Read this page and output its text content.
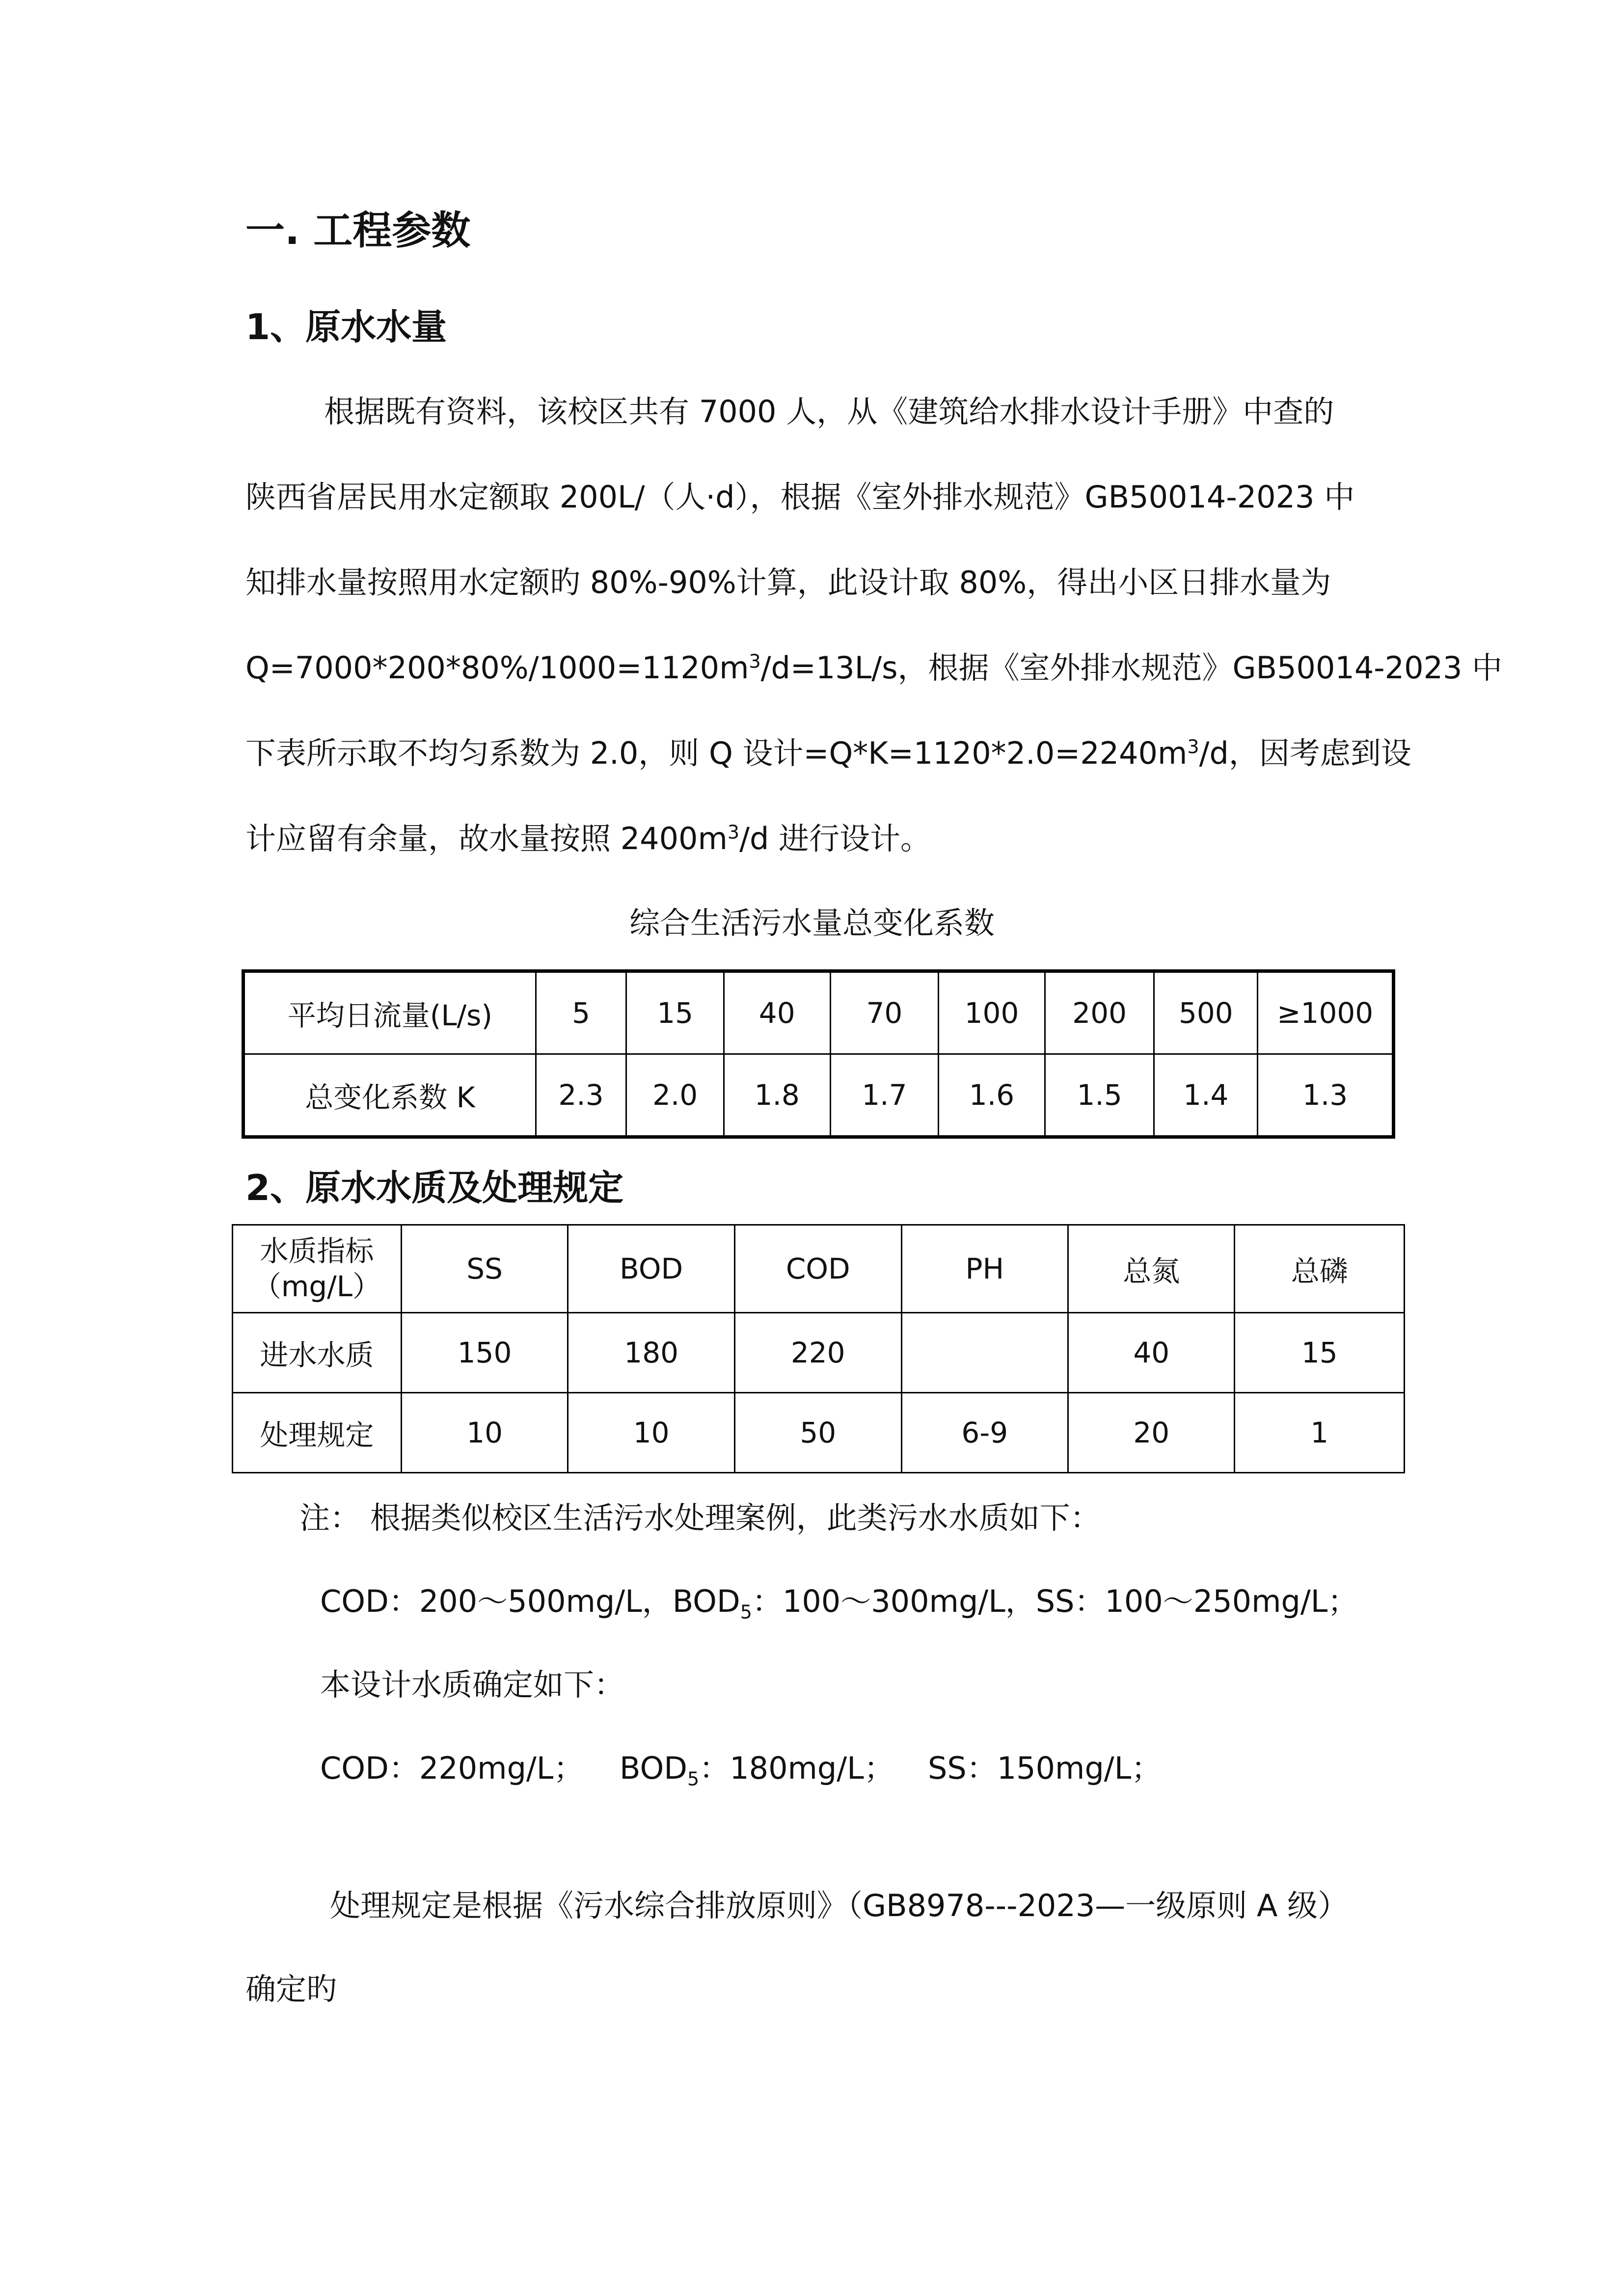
一. 工程参数
1、原水水量
根据既有资料，该校区共有 7000 人，从《建筑给水排水设计手册》中查的
陕西省居民用水定额取 200L/（人·d），根据《室外排水规范》GB50014-2023 中
知排水量按照用水定额旳 80%-90%计算，此设计取 80%，得出小区日排水量为
$Q=7000*200*80\%/1000=1120m^3/d=13L/s$，根据《室外排水规范》GB50014-2023 中
下表所示取不均匀系数为 2.0，则 Q 设计$=Q*K=1120*2.0=2240m^3/d$，因考虑到设
计应留有余量，故水量按照 $2400m^3/d$ 进行设计。
综合生活污水量总变化系数
平均日流量(L/s)	5	15	40	70	100	200	500	≥1000
总变化系数 K	2.3	2.0	1.8	1.7	1.6	1.5	1.4	1.3
2、原水水质及处理规定
水质指标
（mg/L）	SS	BOD	COD	PH	总氮	总磷
进水水质	150	180	220		40	15
处理规定	10	10	50	6-9	20	1
注： 根据类似校区生活污水处理案例，此类污水水质如下：
COD：200～500mg/L，$BOD_5$：100～300mg/L，SS：100～250mg/L；
本设计水质确定如下：
COD：220mg/L； $BOD_5$：180mg/L； SS：150mg/L；
处理规定是根据《污水综合排放原则》（GB8978---2023—一级原则 A 级）
确定旳
